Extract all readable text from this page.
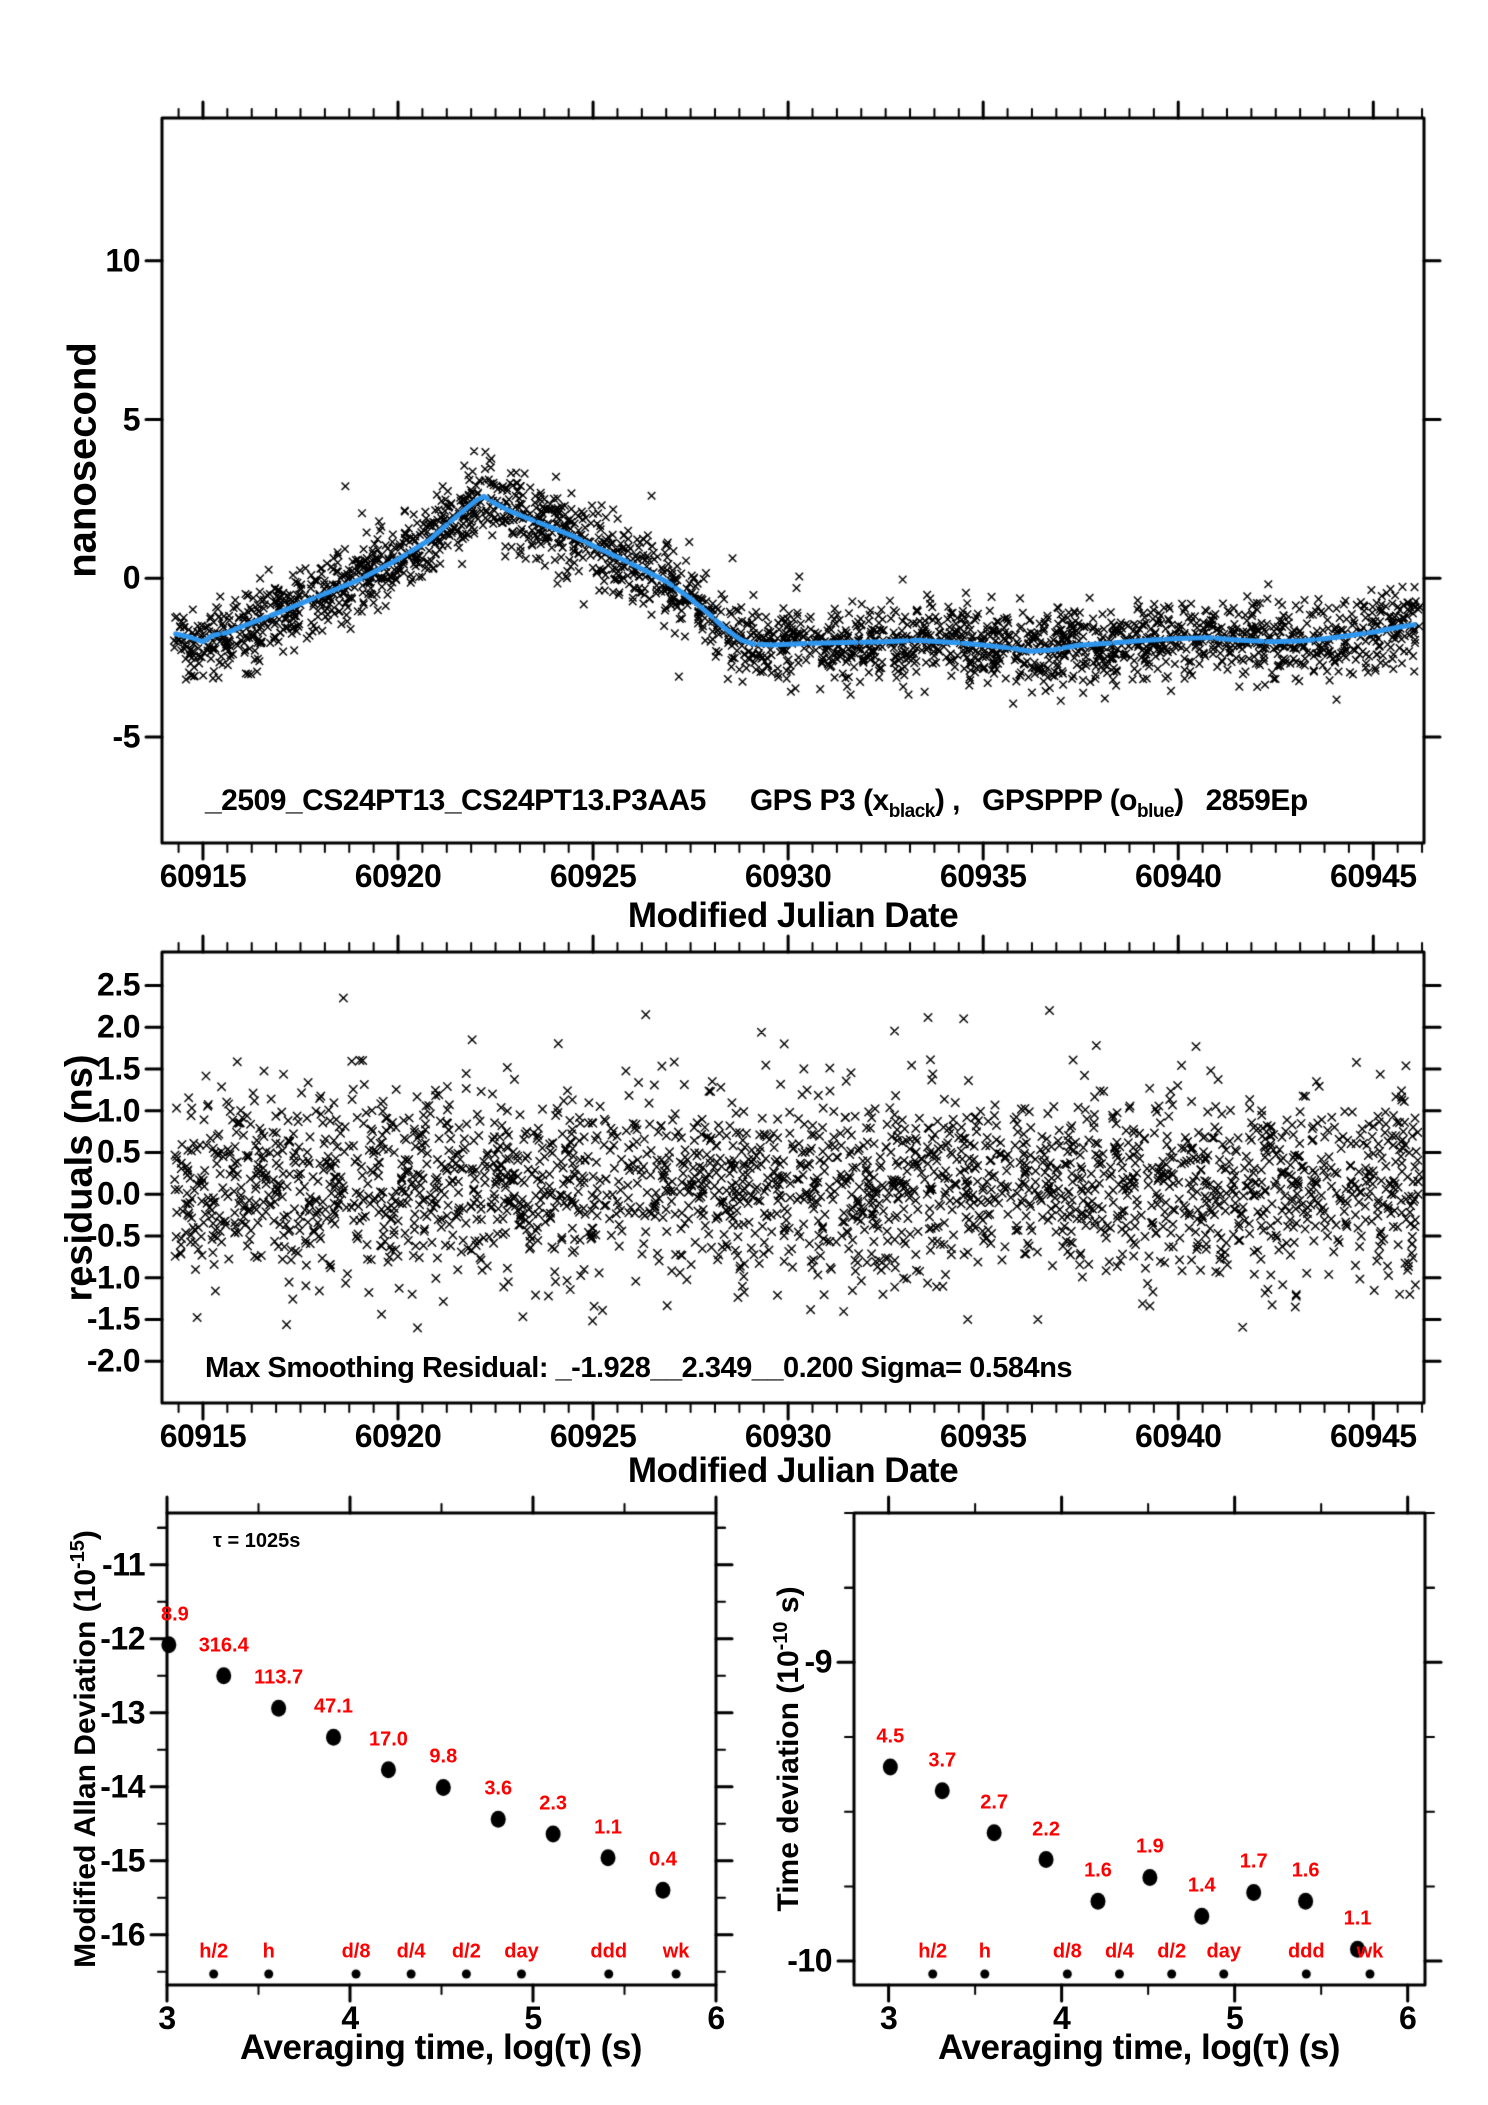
nanosecond
_2509_CS24PT13_CS24PT13.P3AA5 GPS P3 $(x_{black})$ , GPSPPP $(o_{blue})$ 2859Ep
Modified Julian Date
residuals (ns)
Max Smoothing Residual: _-1.928__2.349__0.200 Sigma= 0.584ns
Modified Julian Date
Modified Allan Deviation $(10^{-15})$	τ = 1025s
Averaging time, log(τ) (s)
Time deviation ($10^{-10}$ s)
Averaging time, log(τ) (s)
60915	60920	60925	60930	60935	60940	60945
10
5
0
-5
60915	60920	60925	60930	60935	60940	60945
2.5
2.0
1.5
1.0
0.5
0.0
-0.5
-1.0
-1.5
-2.0
3	4	5	6
-11
-12
-13
-14
-15
-16
8.9
316.4
113.7
47.1
17.0
9.8
3.6
2.3
1.1
0.4
h/2 h	d/8 d/4 d/2 day	ddd wk
3	4	5	6
-9
-10
4.5
3.7
2.7
2.2
1.6
1.9
1.4
1.7 1.6
1.1
h/2 h	d/8 d/4 d/2 day ddd wk
